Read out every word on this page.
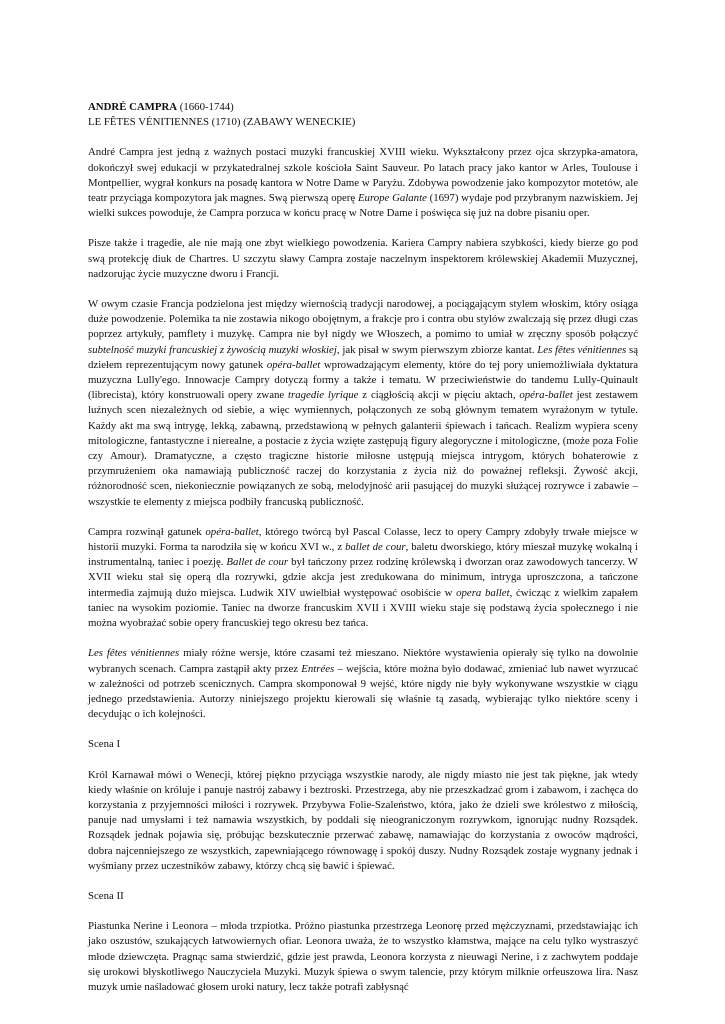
ANDRÉ CAMPRA (1660-1744)
LE FÊTES VÉNITIENNES (1710) (ZABAWY WENECKIE)

André Campra jest jedną z ważnych postaci muzyki francuskiej XVIII wieku. Wykształcony przez ojca skrzypka-amatora, dokończył swej edukacji w przykatedralnej szkole kościoła Saint Sauveur. Po latach pracy jako kantor w Arles, Toulouse i Montpellier, wygrał konkurs na posadę kantora w Notre Dame w Paryżu. Zdobywa powodzenie jako kompozytor motetów, ale teatr przyciąga kompozytora jak magnes. Swą pierwszą operę Europe Galante (1697) wydaje pod przybranym nazwiskiem. Jej wielki sukces powoduje, że Campra porzuca w końcu pracę w Notre Dame i poświęca się już na dobre pisaniu oper.

Pisze także i tragedie, ale nie mają one zbyt wielkiego powodzenia. Kariera Campry nabiera szybkości, kiedy bierze go pod swą protekcję diuk de Chartres. U szczytu sławy Campra zostaje naczelnym inspektorem królewskiej Akademii Muzycznej, nadzorując życie muzyczne dworu i Francji.

W owym czasie Francja podzielona jest między wiernością tradycji narodowej, a pociągającym stylem włoskim, który osiąga duże powodzenie. Polemika ta nie zostawia nikogo obojętnym, a frakcje pro i contra obu stylów zwalczają się przez długi czas poprzez artykuły, pamflety i muzykę. Campra nie był nigdy we Włoszech, a pomimo to umiał w zręczny sposób połączyć subtelność muzyki francuskiej z żywością muzyki włoskiej, jak pisał w swym pierwszym zbiorze kantat. Les fêtes vénitiennes są dziełem reprezentującym nowy gatunek opéra-ballet wprowadzającym elementy, które do tej pory uniemożliwiała dyktatura muzyczna Lully'ego. Innowacje Campry dotyczą formy a także i tematu. W przeciwieństwie do tandemu Lully-Quinault (librecista), który konstruowali opery zwane tragedie lyrique z ciągłością akcji w pięciu aktach, opéra-ballet jest zestawem luźnych scen niezależnych od siebie, a więc wymiennych, połączonych ze sobą głównym tematem wyrażonym w tytule. Każdy akt ma swą intrygę, lekką, zabawną, przedstawioną w pełnych galanterii śpiewach i tańcach. Realizm wypiera sceny mitologiczne, fantastyczne i nierealne, a postacie z życia wzięte zastępują figury alegoryczne i mitologiczne, (może poza Folie czy Amour). Dramatyczne, a często tragiczne historie miłosne ustępują miejsca intrygom, których bohaterowie z przymrużeniem oka namawiają publiczność raczej do korzystania z życia niż do poważnej refleksji. Żywość akcji, różnorodność scen, niekoniecznie powiązanych ze sobą, melodyjność arii pasującej do muzyki służącej rozrywce i zabawie – wszystkie te elementy z miejsca podbiły francuską publiczność.

Campra rozwinął gatunek opéra-ballet, którego twórcą był Pascal Colasse, lecz to opery Campry zdobyły trwałe miejsce w historii muzyki. Forma ta narodziła się w końcu XVI w., z ballet de cour, baletu dworskiego, który mieszał muzykę wokalną i instrumentalną, taniec i poezję. Ballet de cour był tańczony przez rodzinę królewską i dworzan oraz zawodowych tancerzy. W XVII wieku stał się operą dla rozrywki, gdzie akcja jest zredukowana do minimum, intryga uproszczona, a tańczone intermedia zajmują dużo miejsca. Ludwik XIV uwielbiał występować osobiście w opera ballet, ćwicząc z wielkim zapałem taniec na wysokim poziomie. Taniec na dworze francuskim XVII i XVIII wieku staje się podstawą życia społecznego i nie można wyobrażać sobie opery francuskiej tego okresu bez tańca.

Les fêtes vénitiennes miały różne wersje, które czasami też mieszano. Niektóre wystawienia opierały się tylko na dowolnie wybranych scenach. Campra zastąpił akty przez Entrées – wejścia, które można było dodawać, zmieniać lub nawet wyrzucać w zależności od potrzeb scenicznych. Campra skomponował 9 wejść, które nigdy nie były wykonywane wszystkie w ciągu jednego przedstawienia. Autorzy niniejszego projektu kierowali się właśnie tą zasadą, wybierając tylko niektóre sceny i decydując o ich kolejności.

Scena I

Król Karnawał mówi o Wenecji, której piękno przyciąga wszystkie narody, ale nigdy miasto nie jest tak piękne, jak wtedy kiedy właśnie on króluje i panuje nastrój zabawy i beztroski. Przestrzega, aby nie przeszkadzać grom i zabawom, i zachęca do korzystania z przyjemności miłości i rozrywek. Przybywa Folie-Szaleństwo, która, jako że dzieli swe królestwo z miłością, panuje nad umysłami i też namawia wszystkich, by poddali się nieograniczonym rozrywkom, ignorując nudny Rozsądek. Rozsądek jednak pojawia się, próbując bezskutecznie przerwać zabawę, namawiając do korzystania z owoców mądrości, dobra najcenniejszego ze wszystkich, zapewniającego równowagę i spokój duszy. Nudny Rozsądek zostaje wygnany jednak i wyśmiany przez uczestników zabawy, którzy chcą się bawić i śpiewać.

Scena II

Piastunka Nerine i Leonora – młoda trzpiotka. Próżno piastunka przestrzega Leonorę przed mężczyznami, przedstawiając ich jako oszustów, szukających łatwowiernych ofiar. Leonora uważa, że to wszystko kłamstwa, mające na celu tylko wystraszyć młode dziewczęta. Pragnąc sama stwierdzić, gdzie jest prawda, Leonora korzysta z nieuwagi Nerine, i z zachwytem poddaje się urokowi błyskotliwego Nauczyciela Muzyki. Muzyk śpiewa o swym talencie, przy którym milknie orfeuszowa lira. Nasz muzyk umie naśladować głosem uroki natury, lecz także potrafi zabłysnąć
